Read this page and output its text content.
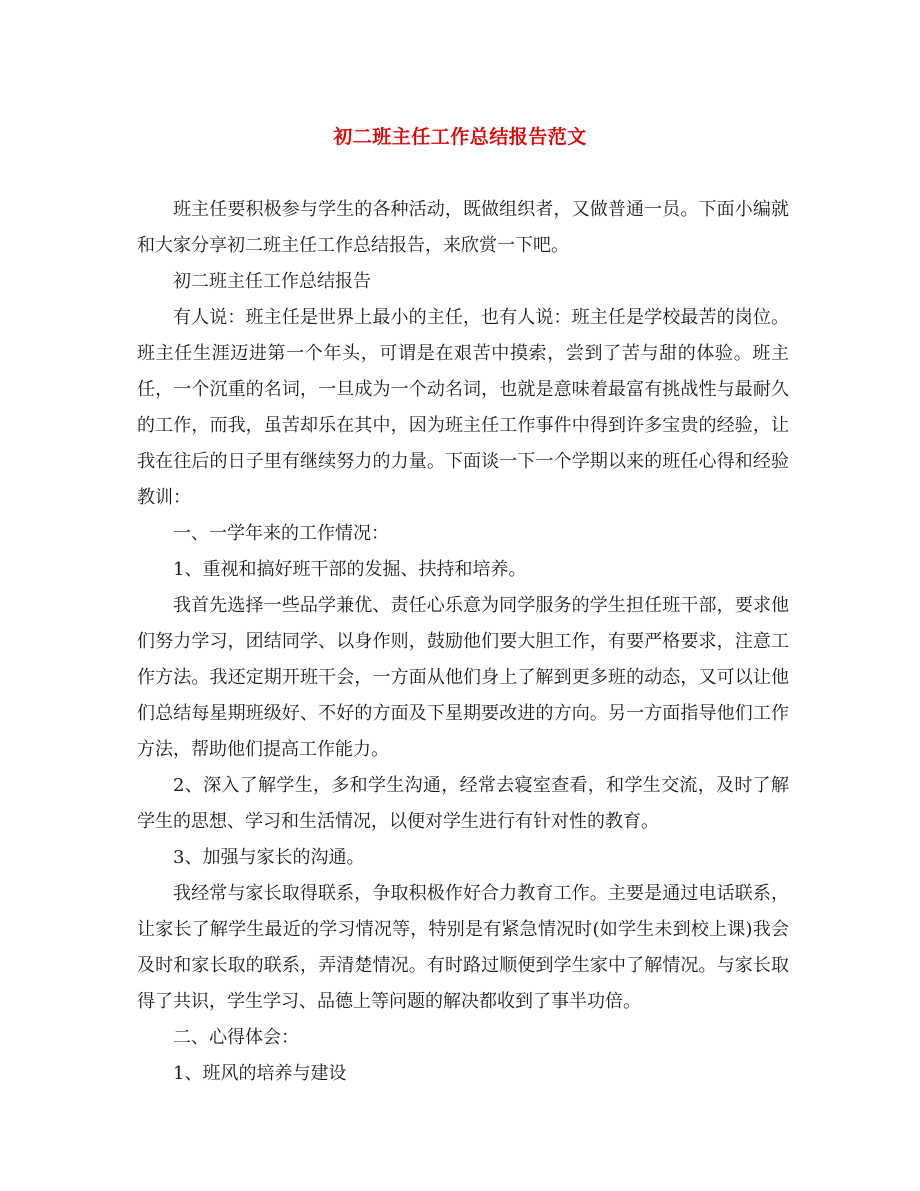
初二班主任工作总结报告范文

班主任要积极参与学生的各种活动，既做组织者，又做普通一员。下面小编就和大家分享初二班主任工作总结报告，来欣赏一下吧。

初二班主任工作总结报告

有人说：班主任是世界上最小的主任，也有人说：班主任是学校最苦的岗位。班主任生涯迈进第一个年头，可谓是在艰苦中摸索，尝到了苦与甜的体验。班主任，一个沉重的名词，一旦成为一个动名词，也就是意味着最富有挑战性与最耐久的工作，而我，虽苦却乐在其中，因为班主任工作事件中得到许多宝贵的经验，让我在往后的日子里有继续努力的力量。下面谈一下一个学期以来的班任心得和经验教训：

一、一学年来的工作情况：

1、重视和搞好班干部的发掘、扶持和培养。

我首先选择一些品学兼优、责任心乐意为同学服务的学生担任班干部，要求他们努力学习，团结同学、以身作则，鼓励他们要大胆工作，有要严格要求，注意工作方法。我还定期开班干会，一方面从他们身上了解到更多班的动态，又可以让他们总结每星期班级好、不好的方面及下星期要改进的方向。另一方面指导他们工作方法，帮助他们提高工作能力。

2、深入了解学生，多和学生沟通，经常去寝室查看，和学生交流，及时了解学生的思想、学习和生活情况，以便对学生进行有针对性的教育。

3、加强与家长的沟通。

我经常与家长取得联系，争取积极作好合力教育工作。主要是通过电话联系，让家长了解学生最近的学习情况等，特别是有紧急情况时(如学生未到校上课)我会及时和家长取的联系，弄清楚情况。有时路过顺便到学生家中了解情况。与家长取得了共识，学生学习、品德上等问题的解决都收到了事半功倍。

二、心得体会：

1、班风的培养与建设
